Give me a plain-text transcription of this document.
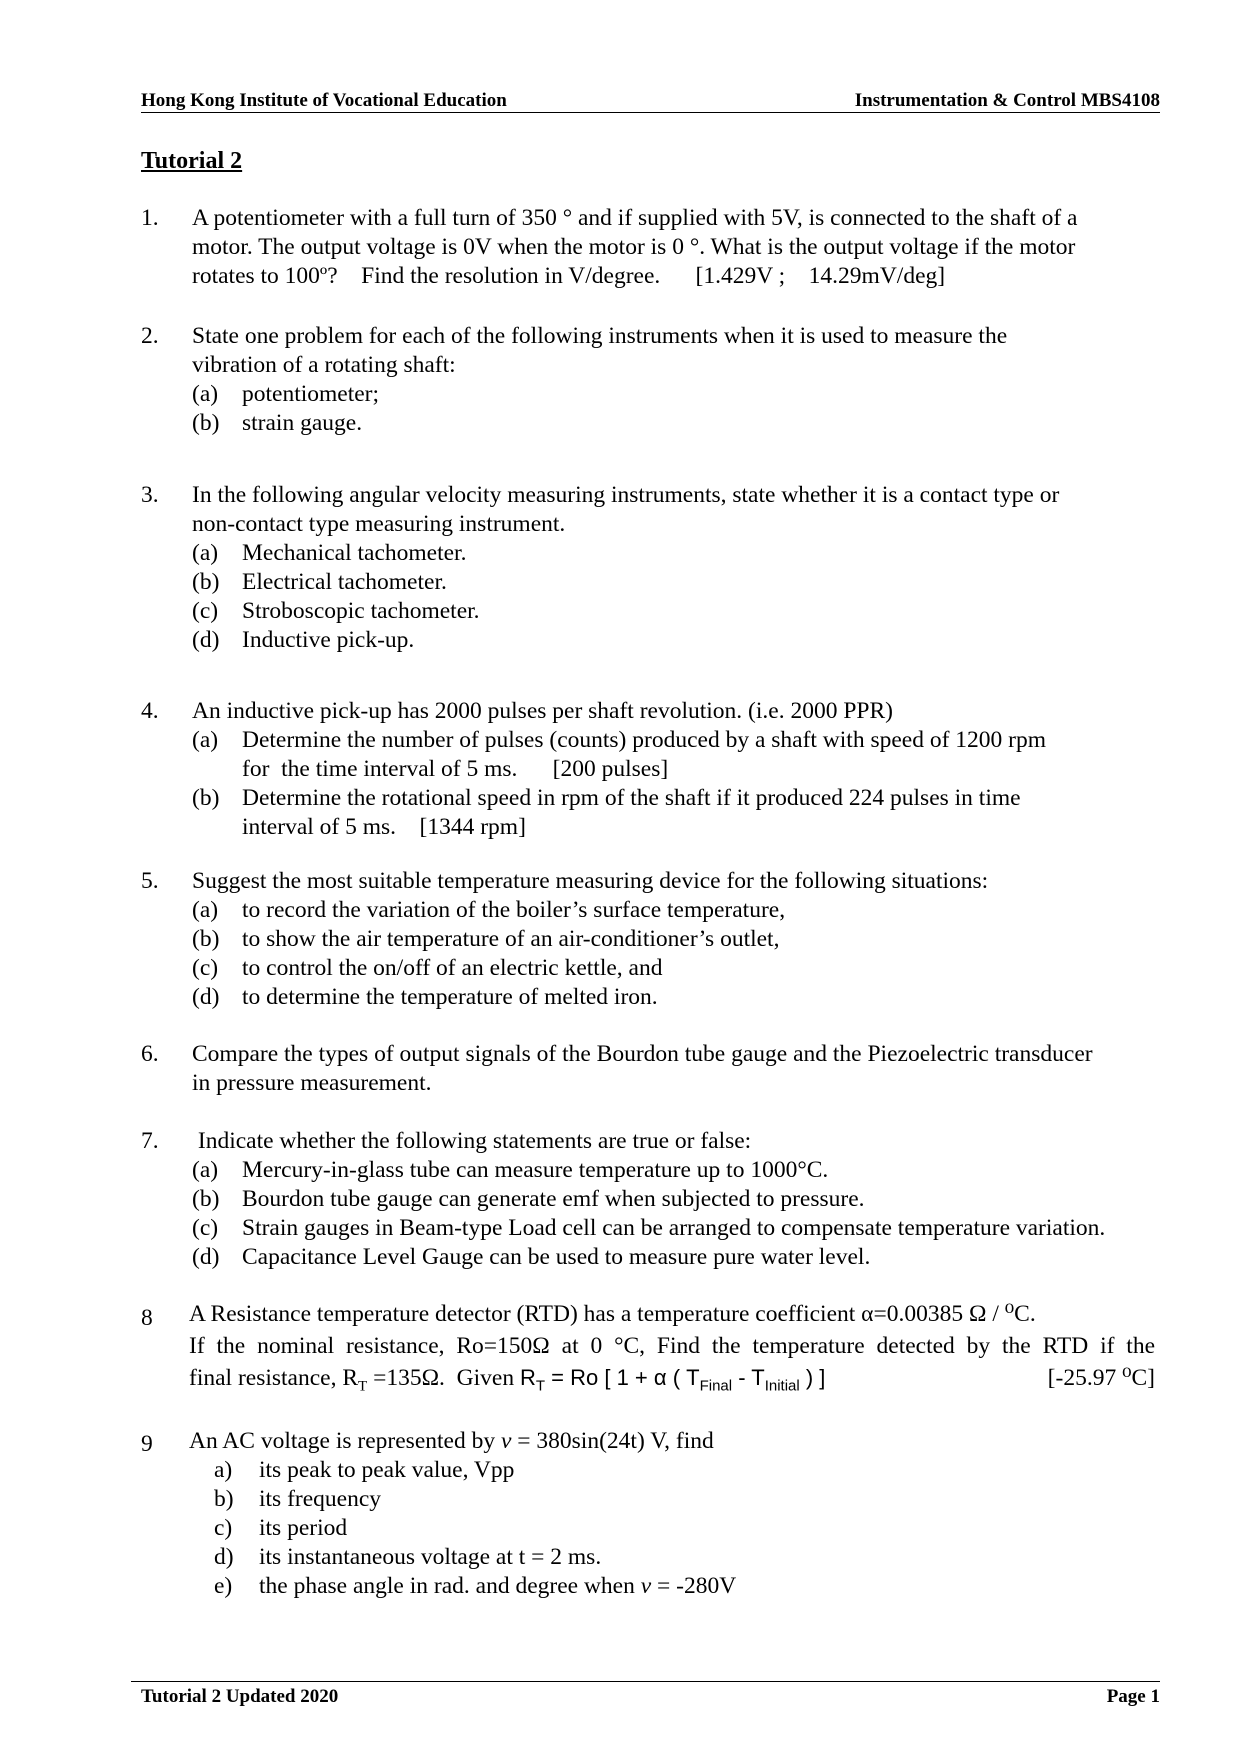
Hong Kong Institute of Vocational Education	Instrumentation & Control MBS4108
Tutorial 2
1. A potentiometer with a full turn of 350 ° and if supplied with 5V, is connected to the shaft of a
motor. The output voltage is 0V when the motor is 0 °. What is the output voltage if the motor
rotates to 100º?    Find the resolution in V/degree.      [1.429V ;    14.29mV/deg]
2. State one problem for each of the following instruments when it is used to measure the
vibration of a rotating shaft:
(a) potentiometer;
(b) strain gauge.
3. In the following angular velocity measuring instruments, state whether it is a contact type or
non-contact type measuring instrument.
(a) Mechanical tachometer.
(b) Electrical tachometer.
(c) Stroboscopic tachometer.
(d) Inductive pick-up.
4. An inductive pick-up has 2000 pulses per shaft revolution. (i.e. 2000 PPR)
(a) Determine the number of pulses (counts) produced by a shaft with speed of 1200 rpm
for  the time interval of 5 ms.      [200 pulses]
(b) Determine the rotational speed in rpm of the shaft if it produced 224 pulses in time
interval of 5 ms.    [1344 rpm]
5. Suggest the most suitable temperature measuring device for the following situations:
(a) to record the variation of the boiler’s surface temperature,
(b) to show the air temperature of an air-conditioner’s outlet,
(c) to control the on/off of an electric kettle, and
(d) to determine the temperature of melted iron.
6. Compare the types of output signals of the Bourdon tube gauge and the Piezoelectric transducer
in pressure measurement.
7. Indicate whether the following statements are true or false:
(a) Mercury-in-glass tube can measure temperature up to 1000°C.
(b) Bourdon tube gauge can generate emf when subjected to pressure.
(c) Strain gauges in Beam-type Load cell can be arranged to compensate temperature variation.
(d) Capacitance Level Gauge can be used to measure pure water level.
8 A Resistance temperature detector (RTD) has a temperature coefficient α=0.00385 Ω / ⁰C.
If the nominal resistance, Ro=150Ω at 0 °C, Find the temperature detected by the RTD if the
final resistance, $R_T =135\Omega$.  Given $R_T = Ro$ [ 1 + α ( $T_{Final} - T_{Initial}$ ) ]	[-25.97 ⁰C]
9 An AC voltage is represented by v = 380sin(24t) V, find
a) its peak to peak value, Vpp
b) its frequency
c) its period
d) its instantaneous voltage at t = 2 ms.
e) the phase angle in rad. and degree when v = -280V
Tutorial 2 Updated 2020	Page 1
